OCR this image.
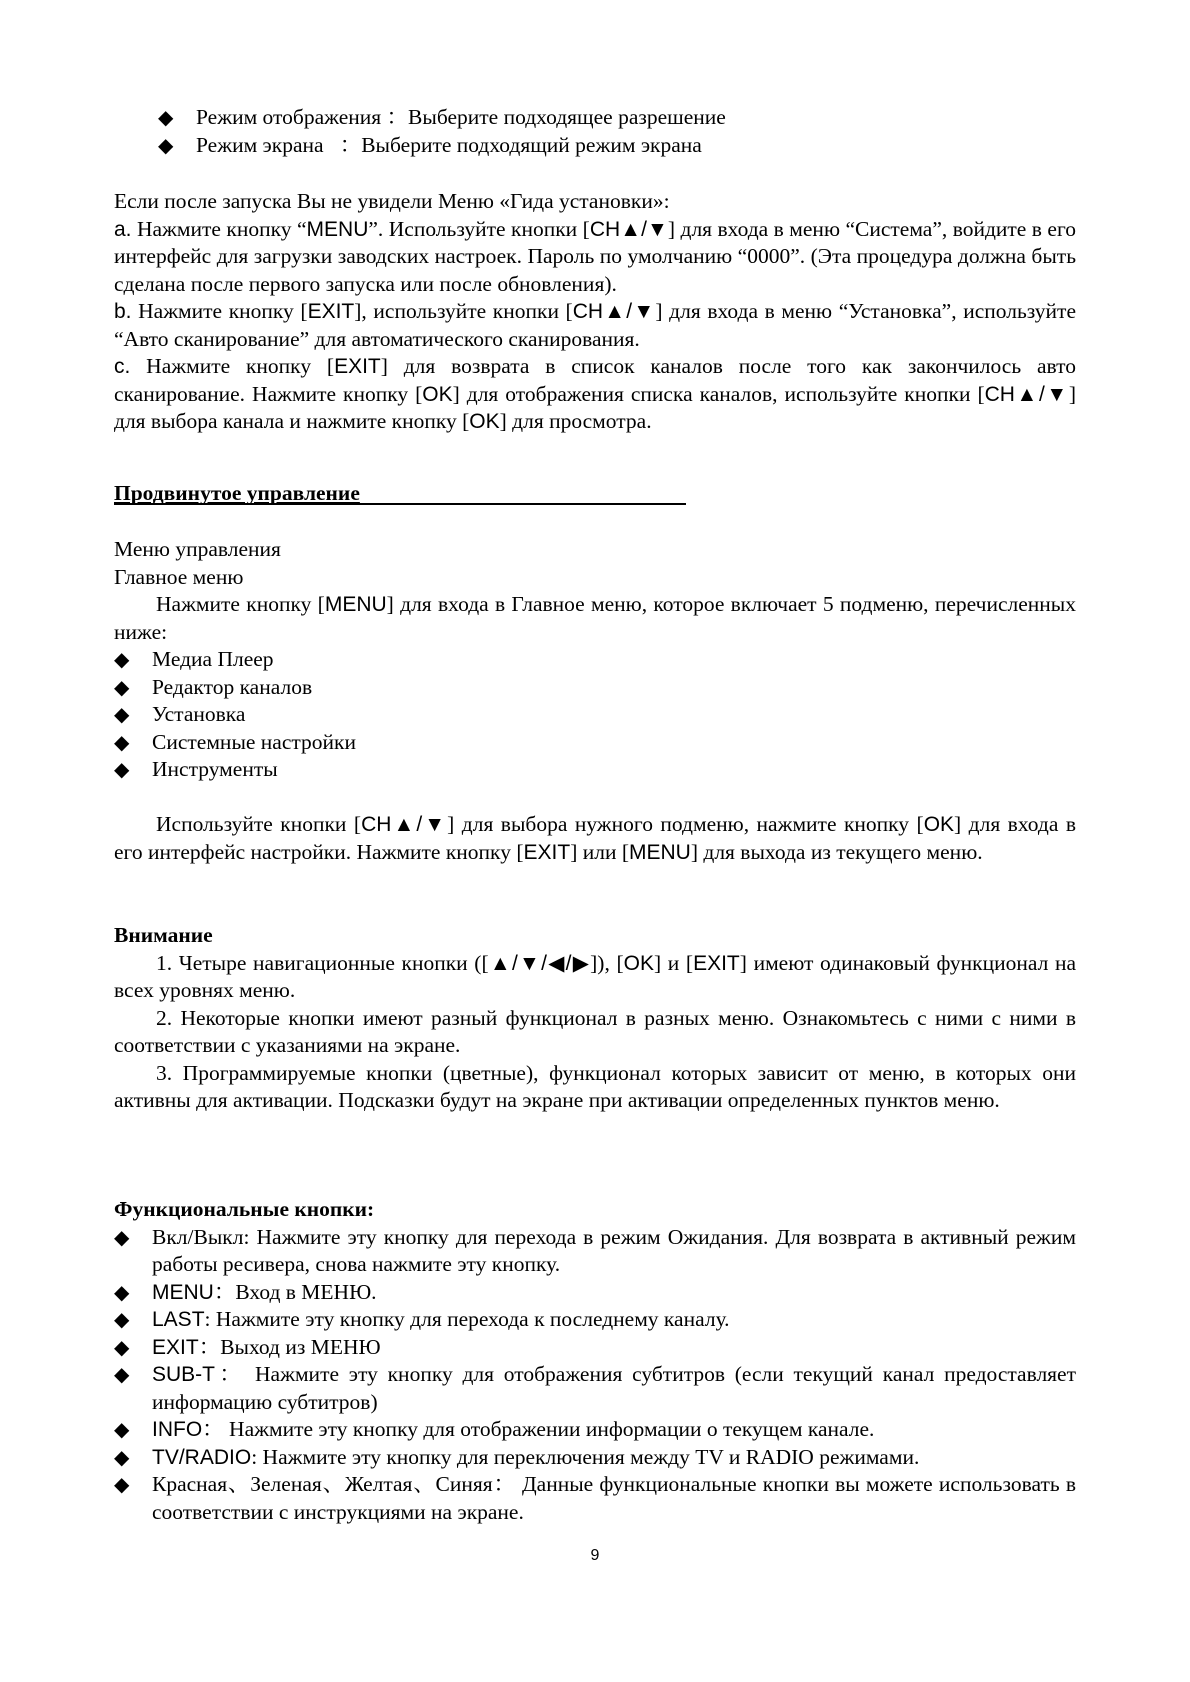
◆	Режим отображения ：Выберите подходящее разрешение
◆	Режим экрана ：Выберите подходящий режим экрана
Если после запуска Вы не увидели Меню «Гида установки»:
a. Нажмите кнопку “MENU”. Используйте кнопки [CH▲/▼] для входа в меню “Система”, войдите в его интерфейс для загрузки заводских настроек. Пароль по умолчанию “0000”. (Эта процедура должна быть сделана после первого запуска или после обновления).
b. Нажмите кнопку [EXIT], используйте кнопки [CH▲/▼] для входа в меню “Установка”, используйте “Авто сканирование” для автоматического сканирования.
c. Нажмите кнопку [EXIT] для возврата в список каналов после того как закончилось авто сканирование. Нажмите кнопку [OK] для отображения списка каналов, используйте кнопки [CH▲/▼] для выбора канала и нажмите кнопку [OK] для просмотра.
Продвинутое управление
Меню управления
Главное меню
Нажмите кнопку [MENU] для входа в Главное меню, которое включает 5 подменю, перечисленных ниже:
◆	Медиа Плеер
◆	Редактор каналов
◆	Установка
◆	Системные настройки
◆	Инструменты
Используйте кнопки [CH▲/▼] для выбора нужного подменю, нажмите кнопку [OK] для входа в его интерфейс настройки. Нажмите кнопку [EXIT] или [MENU] для выхода из текущего меню.
Внимание
1. Четыре навигационные кнопки ([▲/▼/◀/▶]), [OK] и [EXIT] имеют одинаковый функционал на всех уровнях меню.
2. Некоторые кнопки имеют разный функционал в разных меню. Ознакомьтесь с ними с ними в соответствии с указаниями на экране.
3. Программируемые кнопки (цветные), функционал которых зависит от меню, в которых они активны для активации. Подсказки будут на экране при активации определенных пунктов меню.
Функциональные кнопки:
◆	Вкл/Выкл: Нажмите эту кнопку для перехода в режим Ожидания. Для возврата в активный режим работы ресивера, снова нажмите эту кнопку.
◆	MENU：Вход в МЕНЮ.
◆	LAST: Нажмите эту кнопку для перехода к последнему каналу.
◆	EXIT：Выход из МЕНЮ
◆	SUB-T： Нажмите эту кнопку для отображения субтитров (если текущий канал предоставляет информацию субтитров)
◆	INFO： Нажмите эту кнопку для отображении информации о текущем канале.
◆	TV/RADIO: Нажмите эту кнопку для переключения между TV и RADIO режимами.
◆	Красная、Зеленая、Желтая、Синяя： Данные функциональные кнопки вы можете использовать в соответствии с инструкциями на экране.
9
